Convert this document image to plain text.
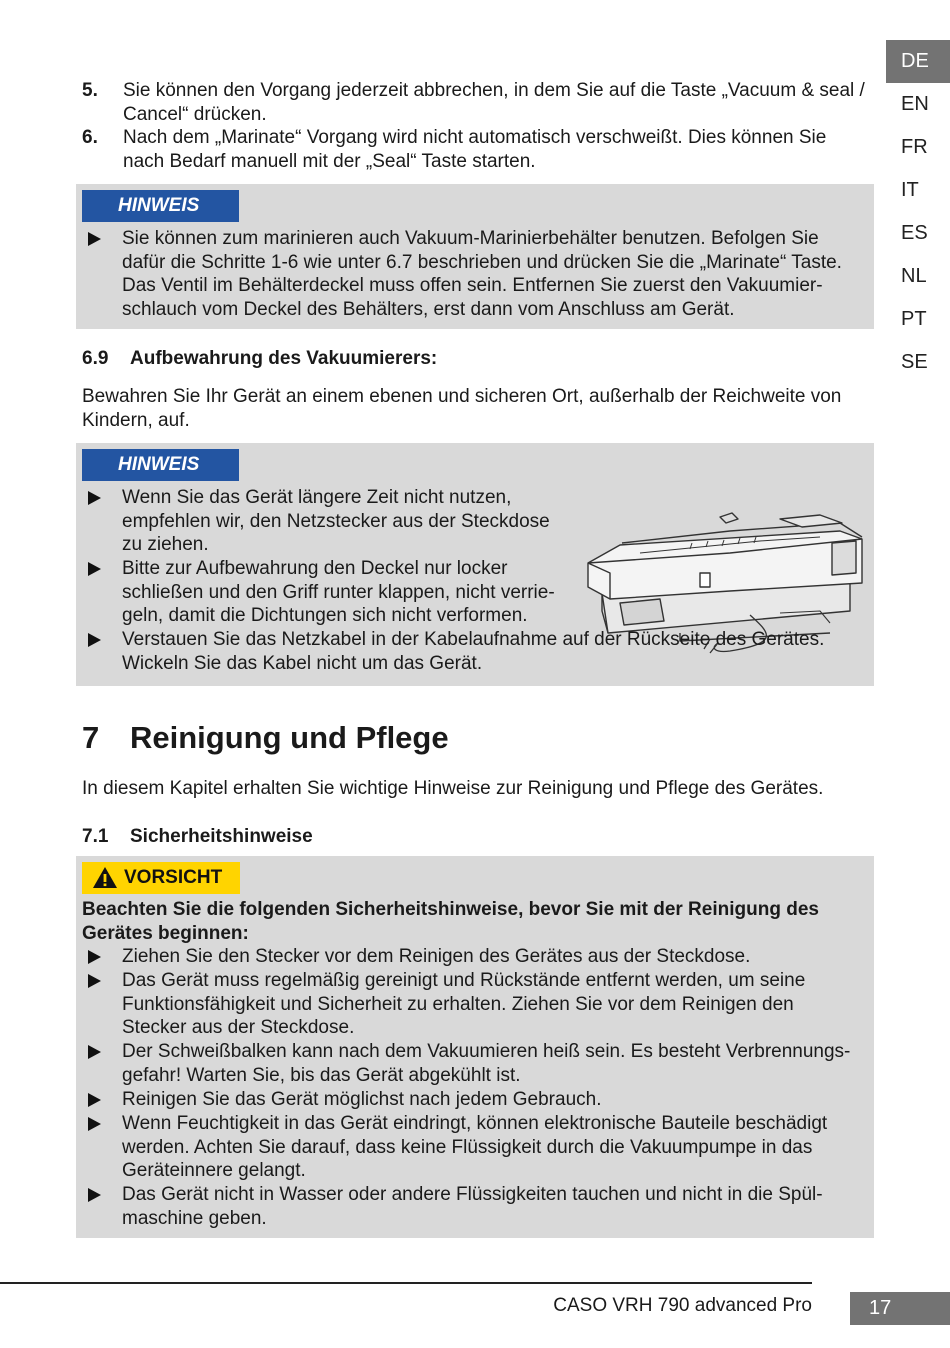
DE
EN
FR
IT
ES
NL
PT
SE
5. Sie können den Vorgang jederzeit abbrechen, in dem Sie auf die Taste „Vacuum & seal / Cancel“ drücken.
6. Nach dem „Marinate“ Vorgang wird nicht automatisch verschweißt. Dies können Sie nach Bedarf manuell mit der „Seal“ Taste starten.
HINWEIS
Sie können zum marinieren auch Vakuum-Marinierbehälter benutzen. Befolgen Sie dafür die Schritte 1-6 wie unter 6.7 beschrieben und drücken Sie die „Marinate“ Taste. Das Ventil im Behälterdeckel muss offen sein. Entfernen Sie zuerst den Vakuumier-schlauch vom Deckel des Behälters, erst dann vom Anschluss am Gerät.
6.9 Aufbewahrung des Vakuumierers:
Bewahren Sie Ihr Gerät an einem ebenen und sicheren Ort, außerhalb der Reichweite von Kindern, auf.
HINWEIS
Wenn Sie das Gerät längere Zeit nicht nutzen, empfehlen wir, den Netzstecker aus der Steckdose zu ziehen.
Bitte zur Aufbewahrung den Deckel nur locker schließen und den Griff runter klappen, nicht verrie-geln, damit die Dichtungen sich nicht verformen.
Verstauen Sie das Netzkabel in der Kabelaufnahme auf der Rückseite des Gerätes. Wickeln Sie das Kabel nicht um das Gerät.
7 Reinigung und Pflege
In diesem Kapitel erhalten Sie wichtige Hinweise zur Reinigung und Pflege des Gerätes.
7.1 Sicherheitshinweise
VORSICHT
Beachten Sie die folgenden Sicherheitshinweise, bevor Sie mit der Reinigung des Gerätes beginnen:
Ziehen Sie den Stecker vor dem Reinigen des Gerätes aus der Steckdose.
Das Gerät muss regelmäßig gereinigt und Rückstände entfernt werden, um seine Funktionsfähigkeit und Sicherheit zu erhalten. Ziehen Sie vor dem Reinigen den Stecker aus der Steckdose.
Der Schweißbalken kann nach dem Vakuumieren heiß sein. Es besteht Verbrennungs-gefahr! Warten Sie, bis das Gerät abgekühlt ist.
Reinigen Sie das Gerät möglichst nach jedem Gebrauch.
Wenn Feuchtigkeit in das Gerät eindringt, können elektronische Bauteile beschädigt werden. Achten Sie darauf, dass keine Flüssigkeit durch die Vakuumpumpe in das Geräteinnere gelangt.
Das Gerät nicht in Wasser oder andere Flüssigkeiten tauchen und nicht in die Spül-maschine geben.
CASO VRH 790 advanced Pro	17
